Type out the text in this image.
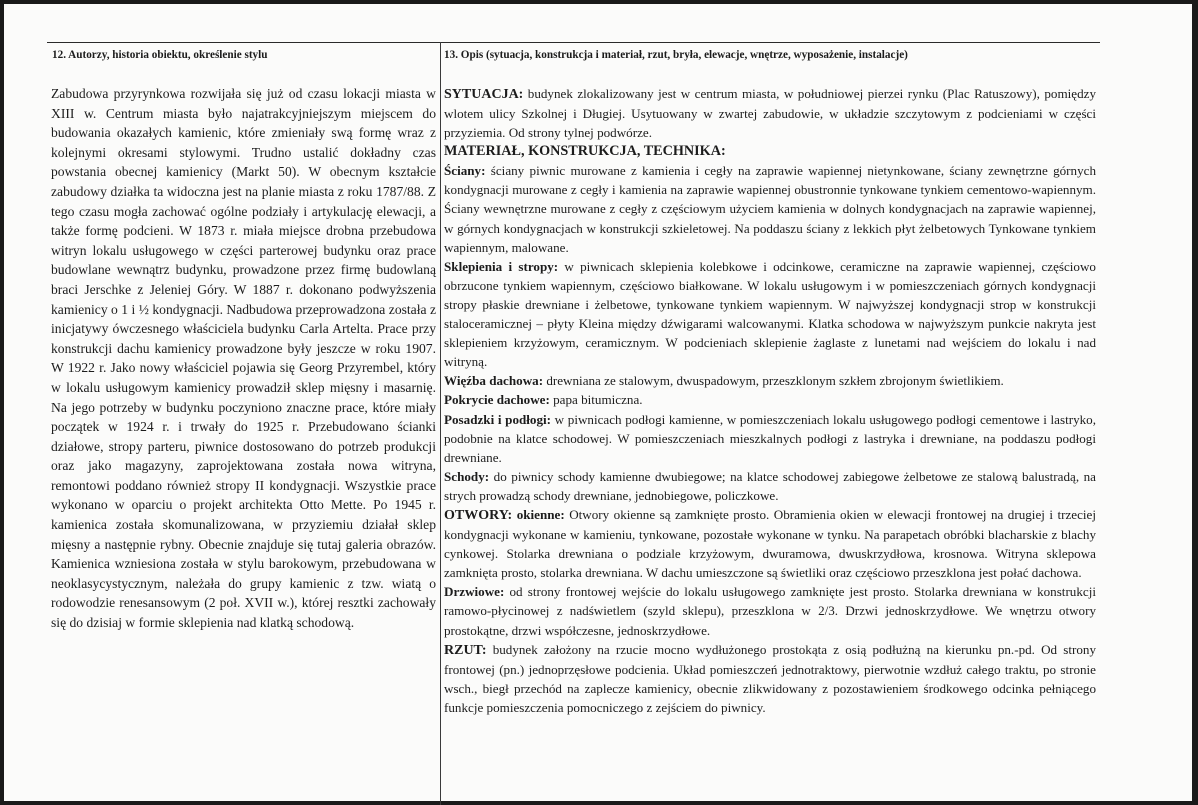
12. Autorzy, historia obiektu, określenie stylu
Zabudowa przyrynkowa rozwijała się już od czasu lokacji miasta w XIII w. Centrum miasta było najatrakcyjniejszym miejscem do budowania okazałych kamienic, które zmieniały swą formę wraz z kolejnymi okresami stylowymi. Trudno ustalić dokładny czas powstania obecnej kamienicy (Markt 50). W obecnym kształcie zabudowy działka ta widoczna jest na planie miasta z roku 1787/88. Z tego czasu mogła zachować ogólne podziały i artykulację elewacji, a także formę podcieni. W 1873 r. miała miejsce drobna przebudowa witryn lokalu usługowego w części parterowej budynku oraz prace budowlane wewnątrz budynku, prowadzone przez firmę budowlaną braci Jerschke z Jeleniej Góry. W 1887 r. dokonano podwyższenia kamienicy o 1 i ½ kondygnacji. Nadbudowa przeprowadzona została z inicjatywy ówczesnego właściciela budynku Carla Artelta. Prace przy konstrukcji dachu kamienicy prowadzone były jeszcze w roku 1907. W 1922 r. Jako nowy właściciel pojawia się Georg Przyrembel, który w lokalu usługowym kamienicy prowadził sklep mięsny i masarnię. Na jego potrzeby w budynku poczyniono znaczne prace, które miały początek w 1924 r. i trwały do 1925 r. Przebudowano ścianki działowe, stropy parteru, piwnice dostosowano do potrzeb produkcji oraz jako magazyny, zaprojektowana została nowa witryna, remontowi poddano również stropy II kondygnacji. Wszystkie prace wykonano w oparciu o projekt architekta Otto Mette. Po 1945 r. kamienica została skomunalizowana, w przyziemiu działał sklep mięsny a następnie rybny. Obecnie znajduje się tutaj galeria obrazów. Kamienica wzniesiona została w stylu barokowym, przebudowana w neoklasycystycznym, należała do grupy kamienic z tzw. wiatą o rodowodzie renesansowym (2 poł. XVII w.), której resztki zachowały się do dzisiaj w formie sklepienia nad klatką schodową.
13. Opis (sytuacja, konstrukcja i materiał, rzut, bryła, elewacje, wnętrze, wyposażenie, instalacje)

SYTUACJA: budynek zlokalizowany jest w centrum miasta, w południowej pierzei rynku (Plac Ratuszowy), pomiędzy wlotem ulicy Szkolnej i Długiej. Usytuowany w zwartej zabudowie, w układzie szczytowym z podcieniami w części przyziemia. Od strony tylnej podwórze.

MATERIAŁ, KONSTRUKCJA, TECHNIKA:

Ściany: ściany piwnic murowane z kamienia i cegły na zaprawie wapiennej nietynkowane, ściany zewnętrzne górnych kondygnacji murowane z cegły i kamienia na zaprawie wapiennej obustronnie tynkowane tynkiem cementowo-wapiennym. Ściany wewnętrzne murowane z cegły z częściowym użyciem kamienia w dolnych kondygnacjach na zaprawie wapiennej, w górnych kondygnacjach w konstrukcji szkieletowej. Na poddaszu ściany z lekkich płyt żelbetowych Tynkowane tynkiem wapiennym, malowane.

Sklepienia i stropy: w piwnicach sklepienia kolebkowe i odcinkowe, ceramiczne na zaprawie wapiennej, częściowo obrzucone tynkiem wapiennym, częściowo białkowane. W lokalu usługowym i w pomieszczeniach górnych kondygnacji stropy płaskie drewniane i żelbetowe, tynkowane tynkiem wapiennym. W najwyższej kondygnacji strop w konstrukcji staloceramicznej – płyty Kleina między dźwigarami walcowanymi. Klatka schodowa w najwyższym punkcie nakryta jest sklepieniem krzyżowym, ceramicznym. W podcieniach sklepienie żaglaste z lunetami nad wejściem do lokalu i nad witryną.

Więźba dachowa: drewniana ze stalowym, dwuspadowym, przeszklonym szkłem zbrojonym świetlikiem.

Pokrycie dachowe: papa bitumiczna.

Posadzki i podłogi: w piwnicach podłogi kamienne, w pomieszczeniach lokalu usługowego podłogi cementowe i lastryko, podobnie na klatce schodowej. W pomieszczeniach mieszkalnych podłogi z lastryka i drewniane, na poddaszu podłogi drewniane.

Schody: do piwnicy schody kamienne dwubiegowe; na klatce schodowej zabiegowe żelbetowe ze stalową balustradą, na strych prowadzą schody drewniane, jednobiegowe, policzkowe.

OTWORY: okienne: Otwory okienne są zamknięte prosto. Obramienia okien w elewacji frontowej na drugiej i trzeciej kondygnacji wykonane w kamieniu, tynkowane, pozostałe wykonane w tynku. Na parapetach obróbki blacharskie z blachy cynkowej. Stolarka drewniana o podziale krzyżowym, dwuramowa, dwuskrzydłowa, krosnowa. Witryna sklepowa zamknięta prosto, stolarka drewniana. W dachu umieszczone są świetliki oraz częściowo przeszklona jest połać dachowa.

Drzwiowe: od strony frontowej wejście do lokalu usługowego zamknięte jest prosto. Stolarka drewniana w konstrukcji ramowo-płycinowej z nadświetlem (szyld sklepu), przeszklona w 2/3. Drzwi jednoskrzydłowe. We wnętrzu otwory prostokątne, drzwi współczesne, jednoskrzydłowe.

RZUT: budynek założony na rzucie mocno wydłużonego prostokąta z osią podłużną na kierunku pn.-pd. Od strony frontowej (pn.) jednoprzęsłowe podcienia. Układ pomieszczeń jednotraktowy, pierwotnie wzdłuż całego traktu, po stronie wsch., biegł przechód na zaplecze kamienicy, obecnie zlikwidowany z pozostawieniem środkowego odcinka pełniącego funkcje pomieszczenia pomocniczego z zejściem do piwnicy.
